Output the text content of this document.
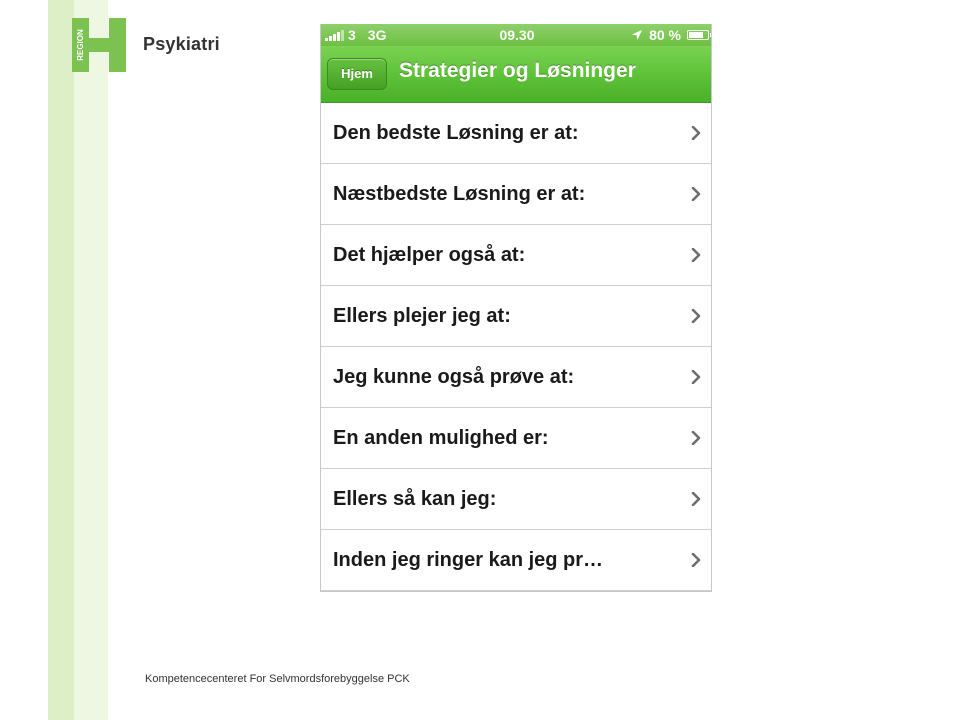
REGION	Psykiatri	3 3G	09.30	80 %
Hjem	Strategier og Løsninger
Den bedste Løsning er at:
Næstbedste Løsning er at:
Det hjælper også at:
Ellers plejer jeg at:
Jeg kunne også prøve at:
En anden mulighed er:
Ellers så kan jeg:
Inden jeg ringer kan jeg pr…
Kompetencecenteret For Selvmordsforebyggelse PCK
